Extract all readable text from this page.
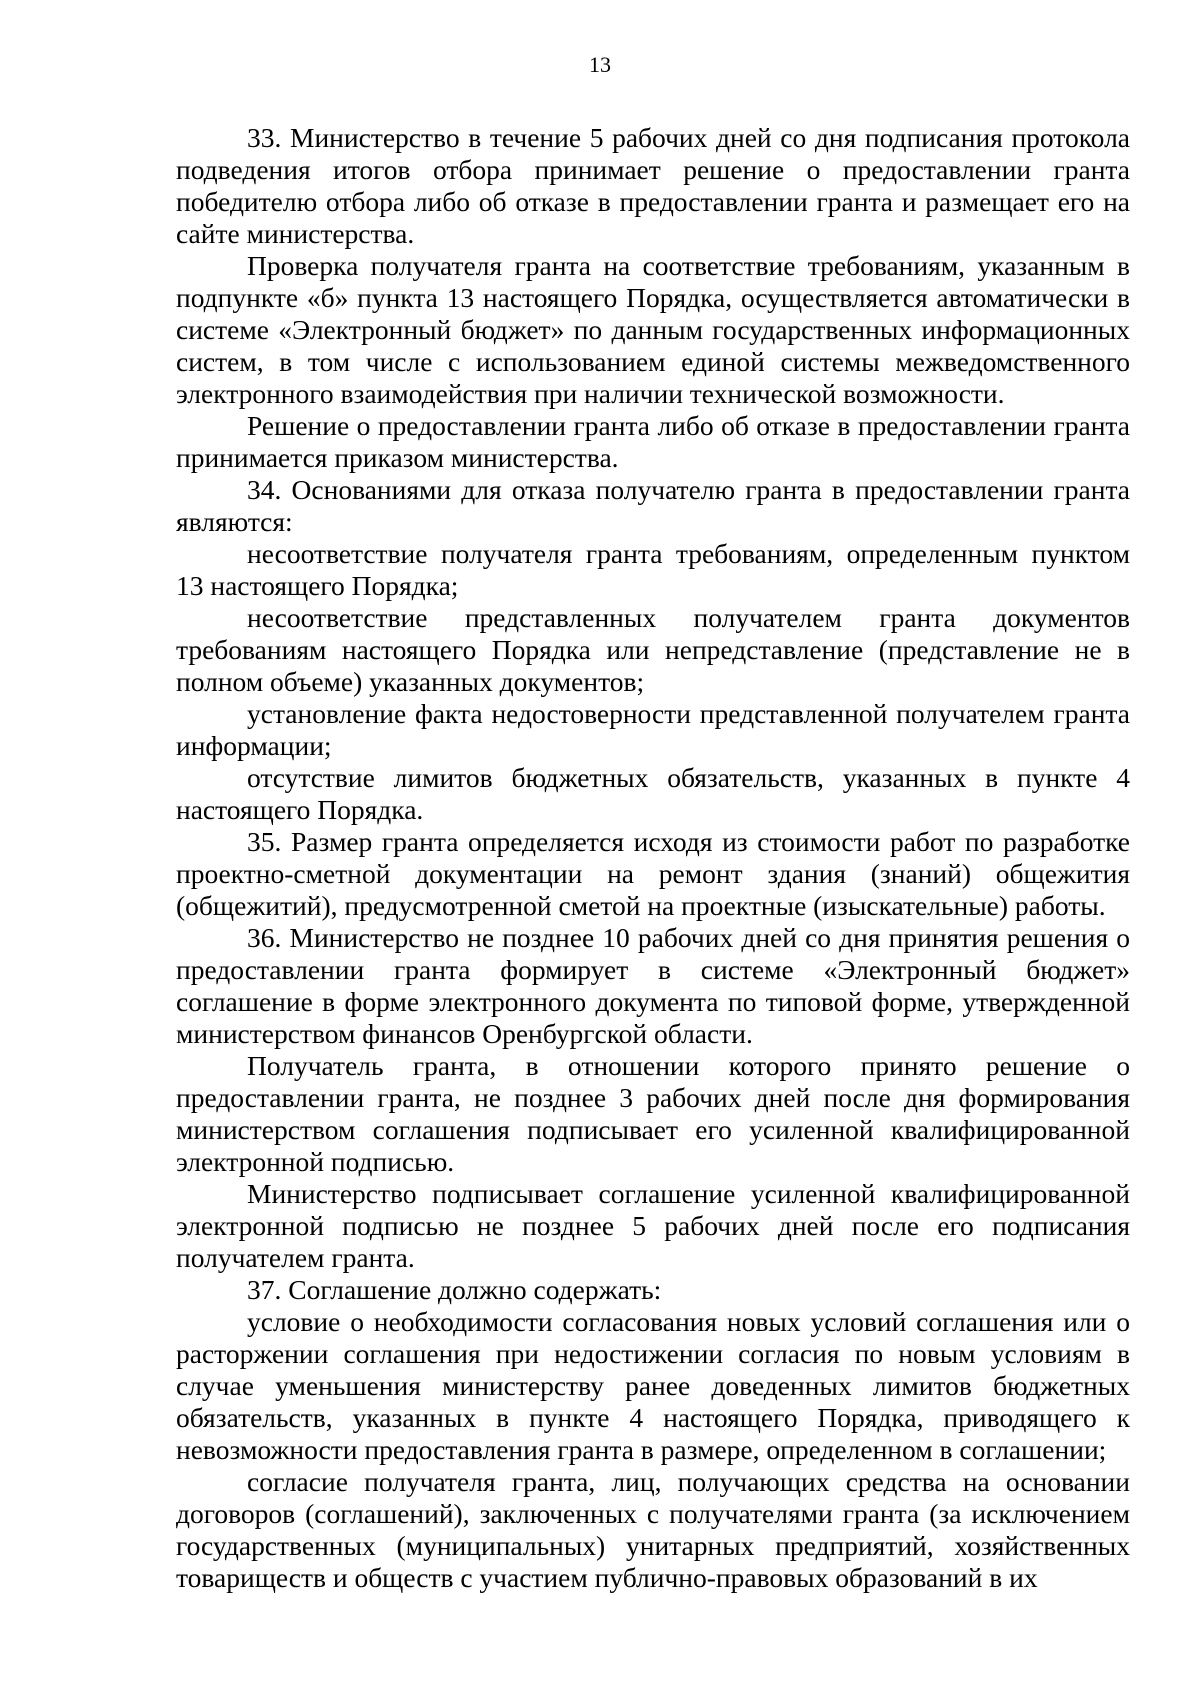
13

33. Министерство в течение 5 рабочих дней со дня подписания протокола подведения итогов отбора принимает решение о предоставлении гранта победителю отбора либо об отказе в предоставлении гранта и размещает его на сайте министерства.

Проверка получателя гранта на соответствие требованиям, указанным в подпункте «б» пункта 13 настоящего Порядка, осуществляется автоматически в системе «Электронный бюджет» по данным государственных информационных систем, в том числе с использованием единой системы межведомственного электронного взаимодействия при наличии технической возможности.

Решение о предоставлении гранта либо об отказе в предоставлении гранта принимается приказом министерства.

34. Основаниями для отказа получателю гранта в предоставлении гранта являются:

несоответствие получателя гранта требованиям, определенным пунктом 13 настоящего Порядка;

несоответствие представленных получателем гранта документов требованиям настоящего Порядка или непредставление (представление не в полном объеме) указанных документов;

установление факта недостоверности представленной получателем гранта информации;

отсутствие лимитов бюджетных обязательств, указанных в пункте 4 настоящего Порядка.

35. Размер гранта определяется исходя из стоимости работ по разработке проектно-сметной документации на ремонт здания (знаний) общежития (общежитий), предусмотренной сметой на проектные (изыскательные) работы.

36. Министерство не позднее 10 рабочих дней со дня принятия решения о предоставлении гранта формирует в системе «Электронный бюджет» соглашение в форме электронного документа по типовой форме, утвержденной министерством финансов Оренбургской области.

Получатель гранта, в отношении которого принято решение о предоставлении гранта, не позднее 3 рабочих дней после дня формирования министерством соглашения подписывает его усиленной квалифицированной электронной подписью.

Министерство подписывает соглашение усиленной квалифицированной электронной подписью не позднее 5 рабочих дней после его подписания получателем гранта.

37. Соглашение должно содержать:

условие о необходимости согласования новых условий соглашения или о расторжении соглашения при недостижении согласия по новым условиям в случае уменьшения министерству ранее доведенных лимитов бюджетных обязательств, указанных в пункте 4 настоящего Порядка, приводящего к невозможности предоставления гранта в размере, определенном в соглашении;

согласие получателя гранта, лиц, получающих средства на основании договоров (соглашений), заключенных с получателями гранта (за исключением государственных (муниципальных) унитарных предприятий, хозяйственных товариществ и обществ с участием публично-правовых образований в их
